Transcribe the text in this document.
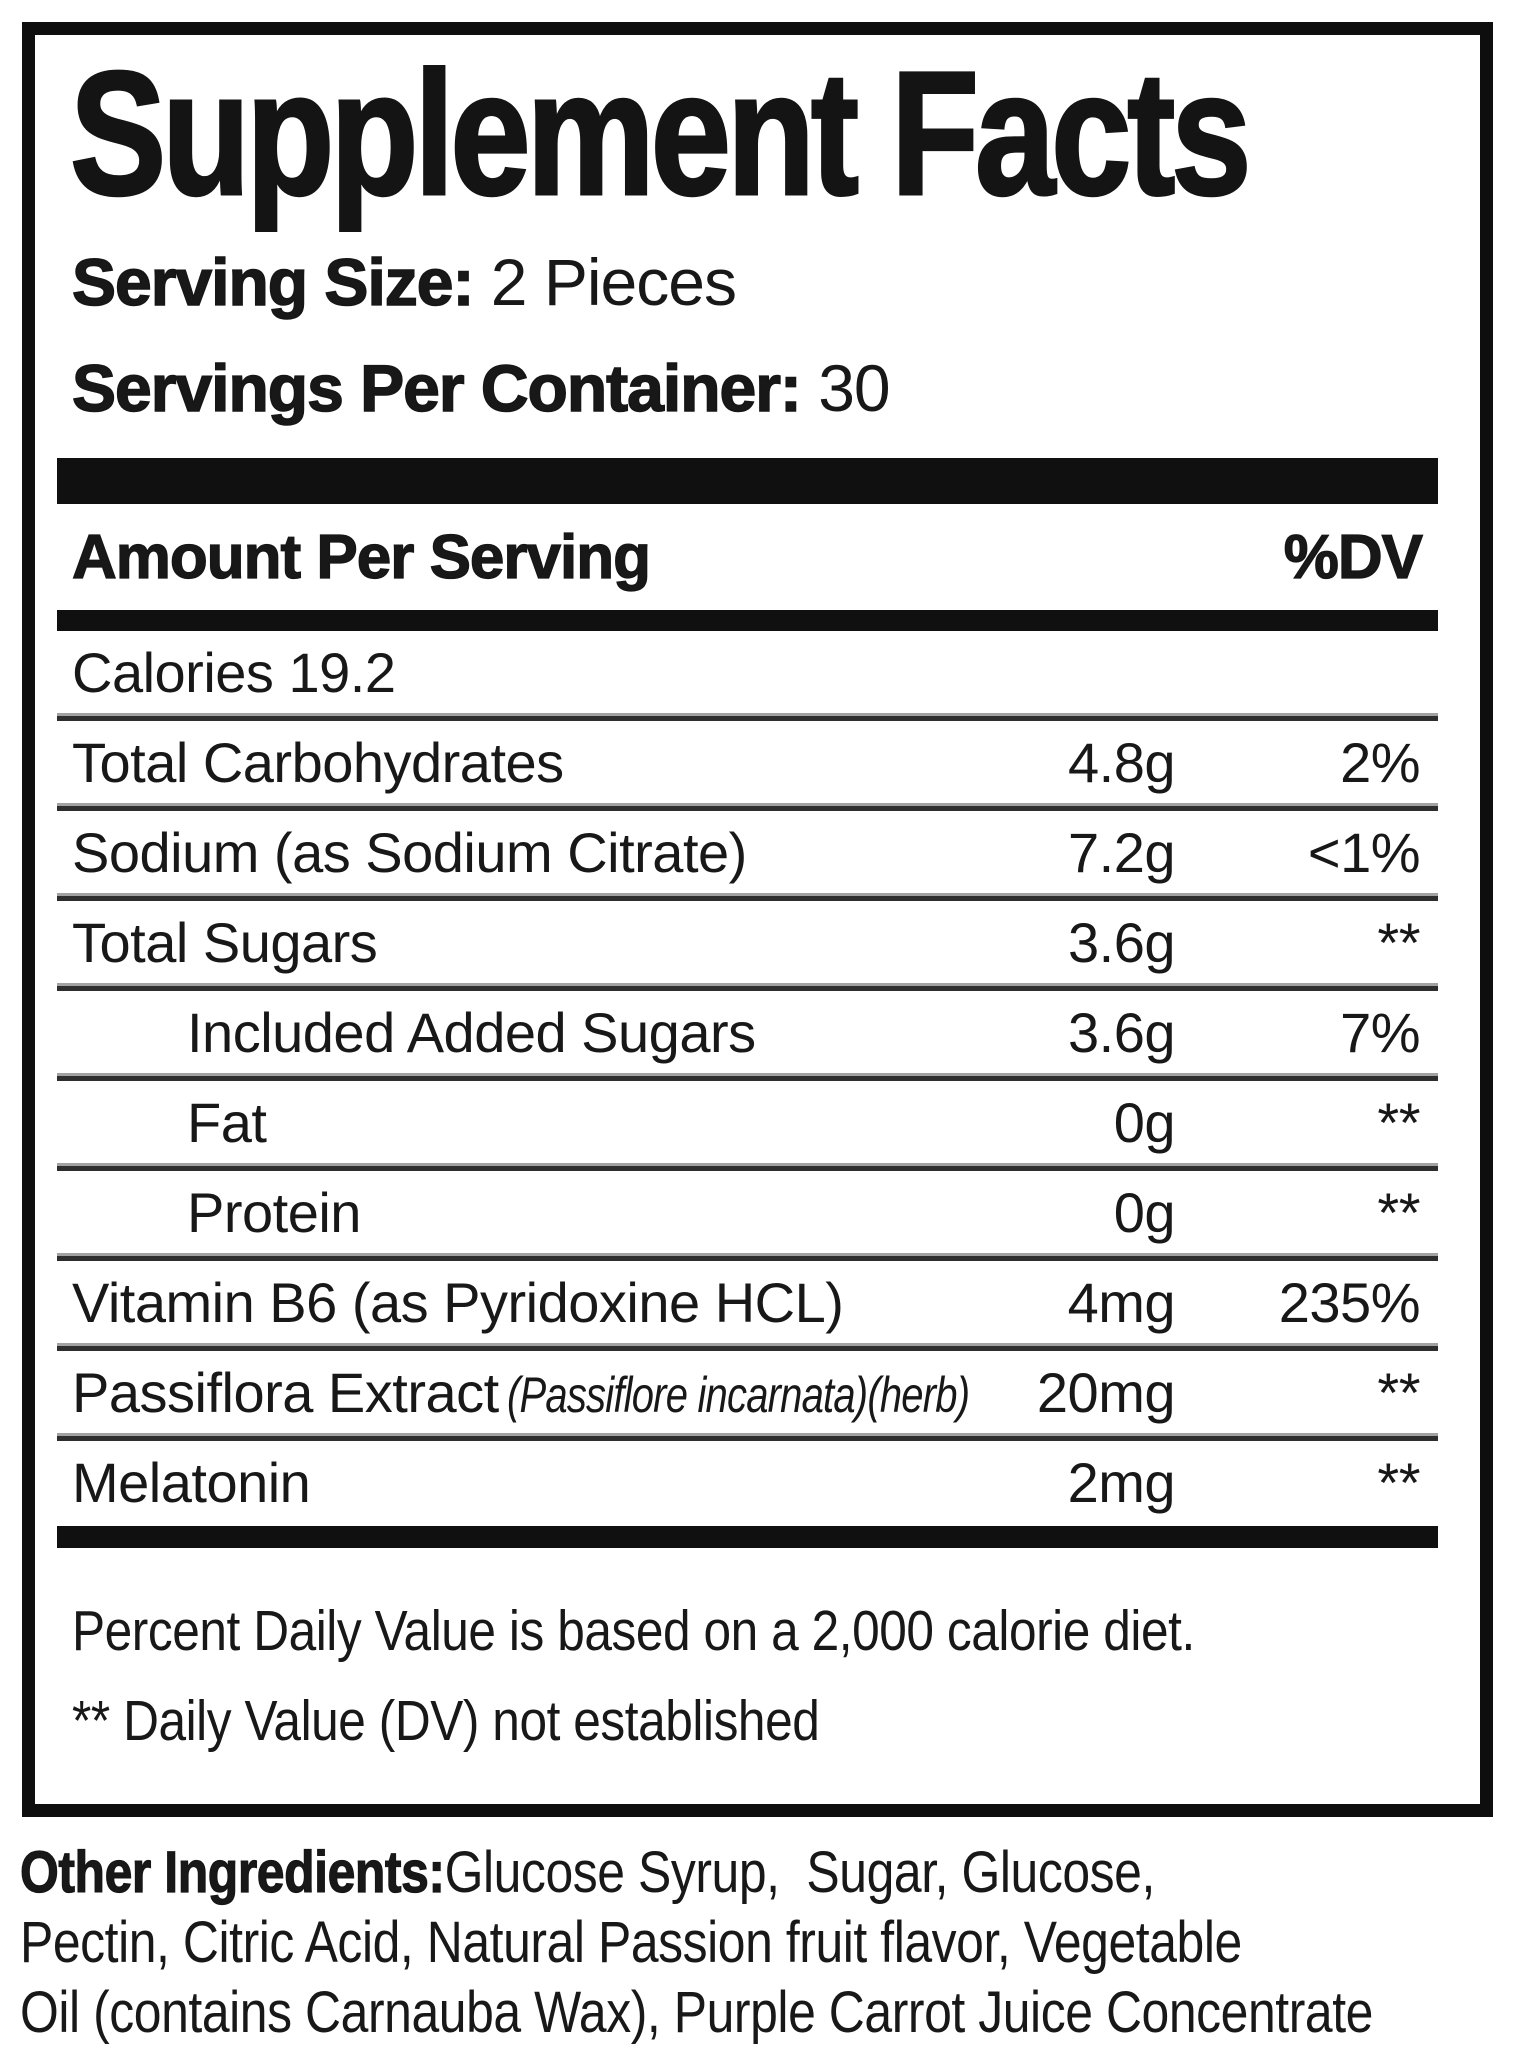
Supplement Facts
Serving Size: 2 Pieces
Servings Per Container: 30
Amount Per Serving	%DV
Calories 19.2
Total Carbohydrates	4.8g	2%
Sodium (as Sodium Citrate)	7.2g <1%
Total Sugars	3.6g	**
Included Added Sugars	3.6g	7%
Fat	0g	**
Protein	0g	**
Vitamin B6 (as Pyridoxine HCL)	4mg 235%
Passiflora Extract (Passiflore incarnata)(herb)	20mg	**
Melatonin	2mg	**
Percent Daily Value is based on a 2,000 calorie diet.
** Daily Value (DV) not established
Other Ingredients:Glucose Syrup,  Sugar, Glucose,
Pectin, Citric Acid, Natural Passion fruit flavor, Vegetable
Oil (contains Carnauba Wax), Purple Carrot Juice Concentrate
